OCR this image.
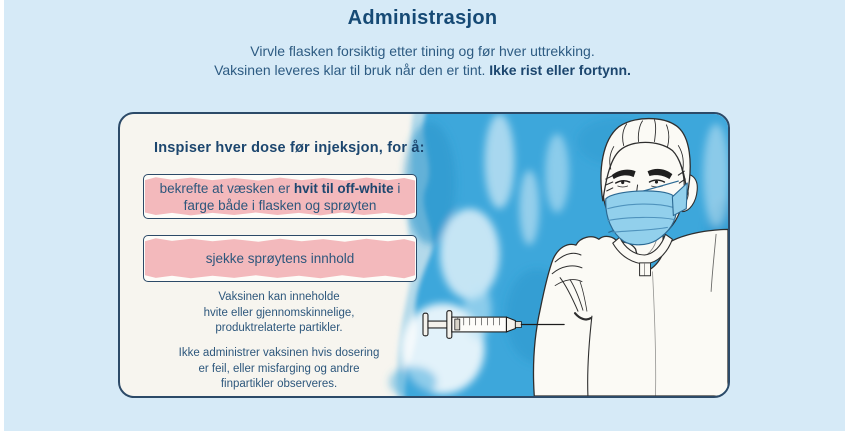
Administrasjon
Virvle flasken forsiktig etter tining og før hver uttrekking.
Vaksinen leveres klar til bruk når den er tint. Ikke rist eller fortynn.
Inspiser hver dose før injeksjon, for å:
bekrefte at væsken er hvit til off-white i
farge både i flasken og sprøyten
sjekke sprøytens innhold
Vaksinen kan inneholde
hvite eller gjennomskinnelige,
produktrelaterte partikler.
Ikke administrer vaksinen hvis dosering
er feil, eller misfarging og andre
finpartikler observeres.
